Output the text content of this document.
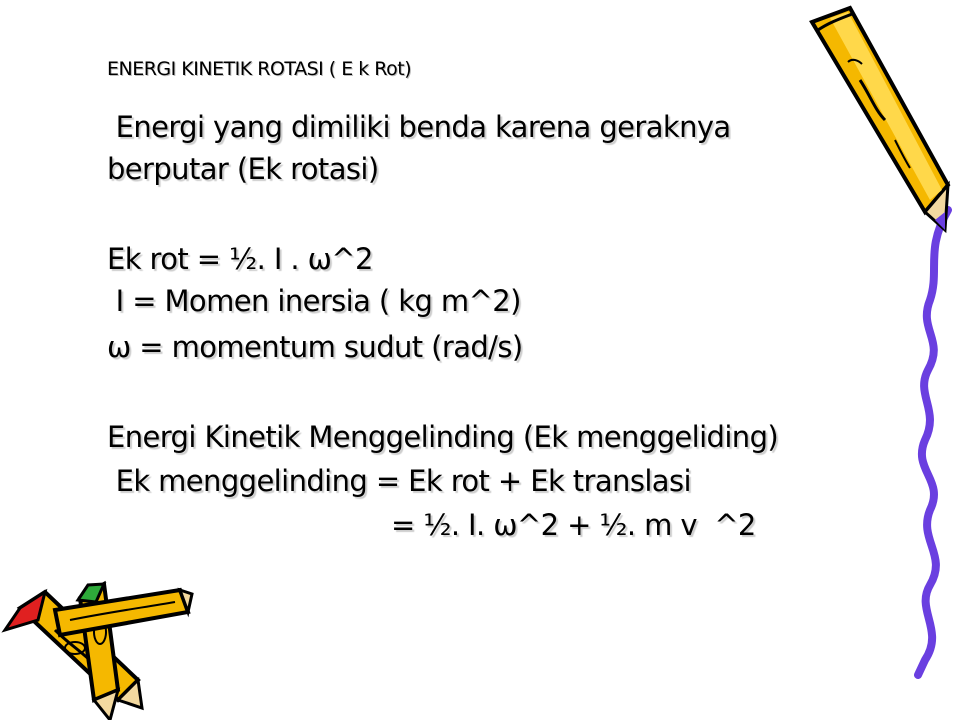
ENERGI KINETIK ROTASI ( E k Rot)
Energi yang dimiliki benda karena geraknya
berputar (Ek rotasi)
Ek rot = ½. I . ω^2
I = Momen inersia ( kg m^2)
ω = momentum sudut (rad/s)
Energi Kinetik Menggelinding (Ek menggeliding)
Ek menggelinding = Ek rot + Ek translasi
= ½. I. ω^2 + ½. m v  ^2
